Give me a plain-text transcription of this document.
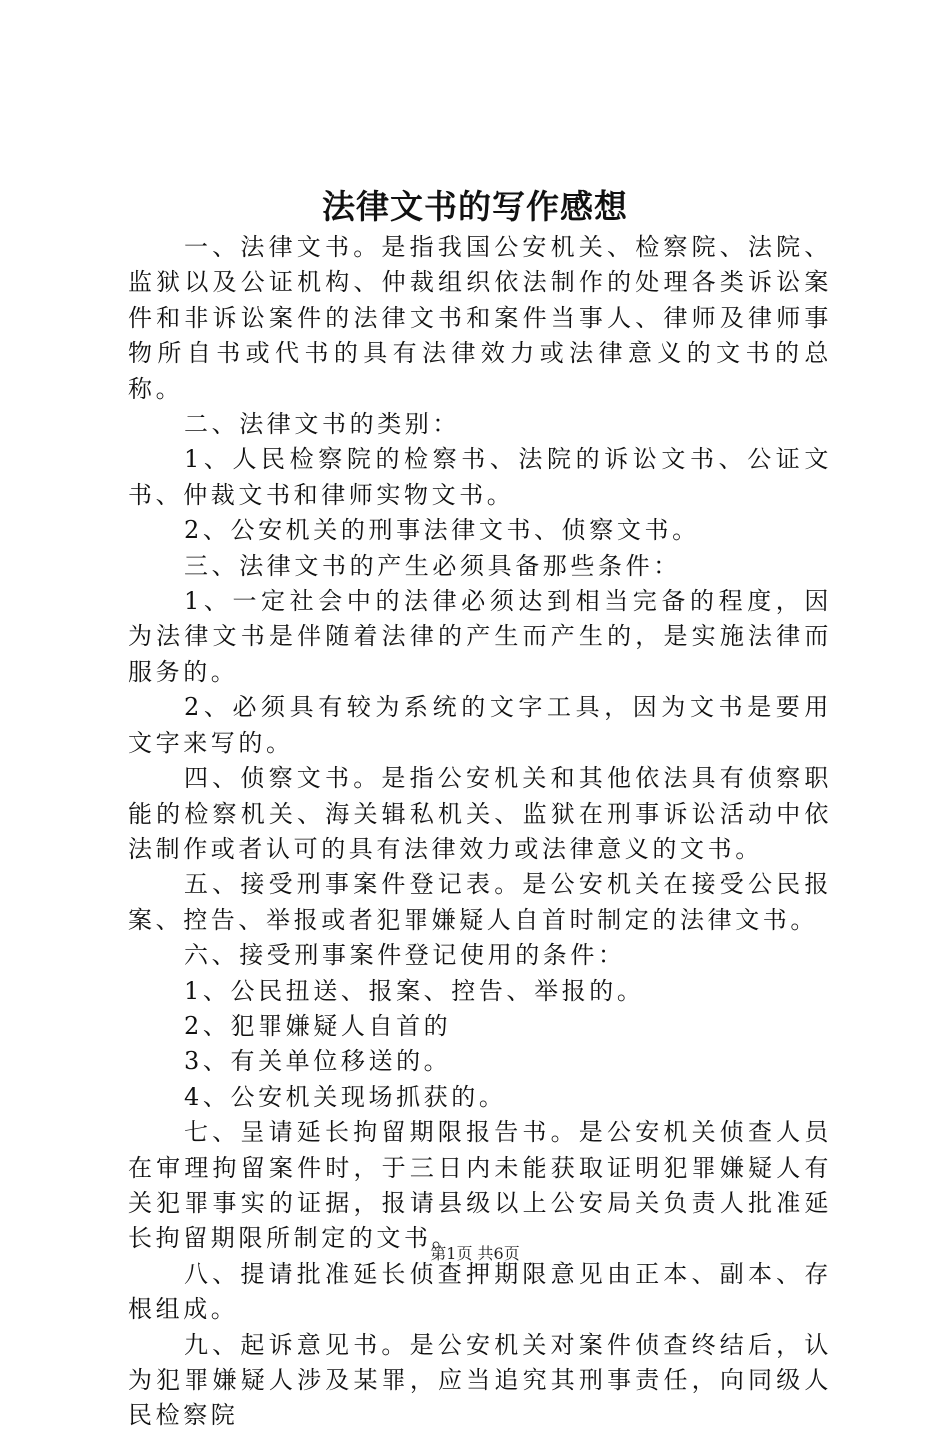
法律文书的写作感想

一、法律文书。是指我国公安机关、检察院、法院、监狱以及公证机构、仲裁组织依法制作的处理各类诉讼案件和非诉讼案件的法律文书和案件当事人、律师及律师事物所自书或代书的具有法律效力或法律意义的文书的总称。

二、法律文书的类别：

1、人民检察院的检察书、法院的诉讼文书、公证文书、仲裁文书和律师实物文书。

2、公安机关的刑事法律文书、侦察文书。

三、法律文书的产生必须具备那些条件：

1、一定社会中的法律必须达到相当完备的程度，因为法律文书是伴随着法律的产生而产生的，是实施法律而服务的。

2、必须具有较为系统的文字工具，因为文书是要用文字来写的。

四、侦察文书。是指公安机关和其他依法具有侦察职能的检察机关、海关辑私机关、监狱在刑事诉讼活动中依法制作或者认可的具有法律效力或法律意义的文书。

五、接受刑事案件登记表。是公安机关在接受公民报案、控告、举报或者犯罪嫌疑人自首时制定的法律文书。

六、接受刑事案件登记使用的条件：

1、公民扭送、报案、控告、举报的。

2、犯罪嫌疑人自首的

3、有关单位移送的。

4、公安机关现场抓获的。

七、呈请延长拘留期限报告书。是公安机关侦查人员在审理拘留案件时，于三日内未能获取证明犯罪嫌疑人有关犯罪事实的证据，报请县级以上公安局关负责人批准延长拘留期限所制定的文书。

八、提请批准延长侦查押期限意见由正本、副本、存根组成。

九、起诉意见书。是公安机关对案件侦查终结后，认为犯罪嫌疑人涉及某罪，应当追究其刑事责任，向同级人民检察院

第1页 共6页
